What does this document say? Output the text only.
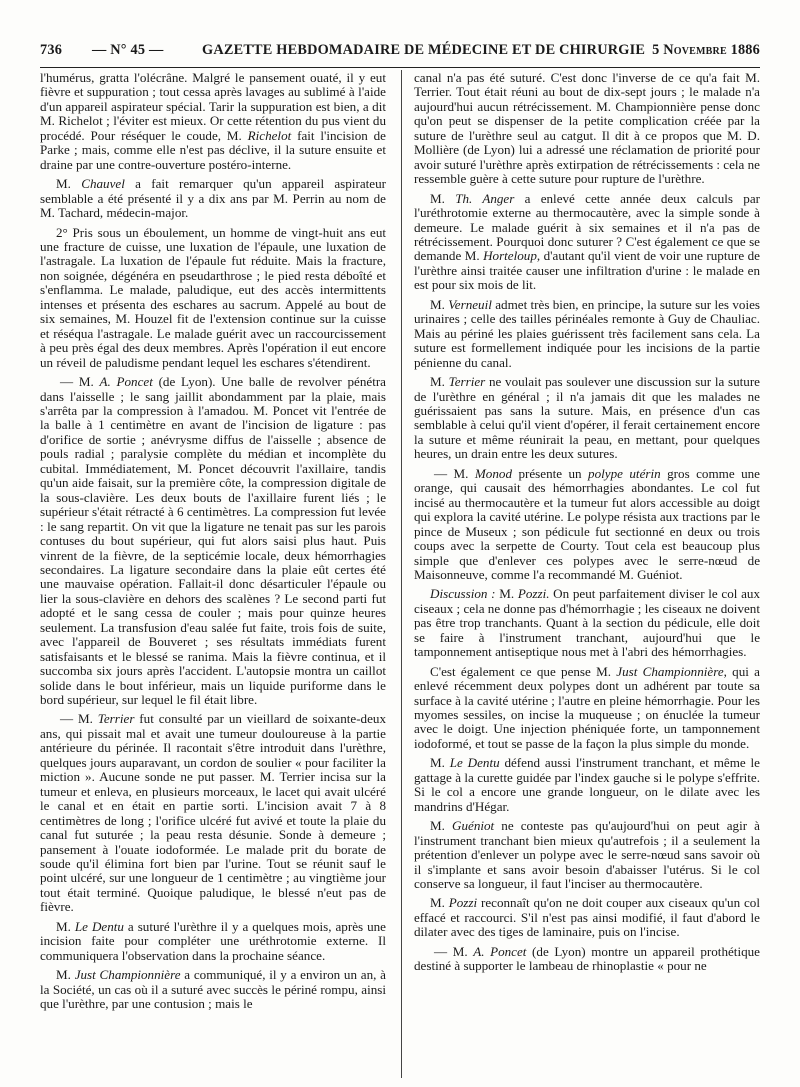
736 — N° 45 —	GAZETTE HEBDOMADAIRE DE MÉDECINE ET DE CHIRURGIE 5 Novembre 1886

l'humérus, gratta l'olécrâne. Malgré le pansement ouaté, il y eut fièvre et suppuration ; tout cessa après lavages au sublimé à l'aide d'un appareil aspirateur spécial. Tarir la suppuration est bien, a dit M. Richelot ; l'éviter est mieux. Or cette rétention du pus vient du procédé. Pour réséquer le coude, M. Richelot fait l'incision de Parke ; mais, comme elle n'est pas déclive, il la suture ensuite et draine par une contre-ouverture postéro-interne.

M. Chauvel a fait remarquer qu'un appareil aspirateur semblable a été présenté il y a dix ans par M. Perrin au nom de M. Tachard, médecin-major.

2° Pris sous un éboulement, un homme de vingt-huit ans eut une fracture de cuisse, une luxation de l'épaule, une luxation de l'astragale. La luxation de l'épaule fut réduite. Mais la fracture, non soignée, dégénéra en pseudarthrose ; le pied resta déboîté et s'enflamma. Le malade, paludique, eut des accès intermittents intenses et présenta des eschares au sacrum. Appelé au bout de six semaines, M. Houzel fit de l'extension continue sur la cuisse et réséqua l'astragale. Le malade guérit avec un raccourcissement à peu près égal des deux membres. Après l'opération il eut encore un réveil de paludisme pendant lequel les eschares s'étendirent.

— M. A. Poncet (de Lyon). Une balle de revolver pénétra dans l'aisselle ; le sang jaillit abondamment par la plaie, mais s'arrêta par la compression à l'amadou. M. Poncet vit l'entrée de la balle à 1 centimètre en avant de l'incision de ligature : pas d'orifice de sortie ; anévrysme diffus de l'aisselle ; absence de pouls radial ; paralysie complète du médian et incomplète du cubital. Immédiatement, M. Poncet découvrit l'axillaire, tandis qu'un aide faisait, sur la première côte, la compression digitale de la sous-clavière. Les deux bouts de l'axillaire furent liés ; le supérieur s'était rétracté à 6 centimètres. La compression fut levée : le sang repartit. On vit que la ligature ne tenait pas sur les parois contuses du bout supérieur, qui fut alors saisi plus haut. Puis vinrent de la fièvre, de la septicémie locale, deux hémorrhagies secondaires. La ligature secondaire dans la plaie eût certes été une mauvaise opération. Fallait-il donc désarticuler l'épaule ou lier la sous-clavière en dehors des scalènes ? Le second parti fut adopté et le sang cessa de couler ; mais pour quinze heures seulement. La transfusion d'eau salée fut faite, trois fois de suite, avec l'appareil de Bouveret ; ses résultats immédiats furent satisfaisants et le blessé se ranima. Mais la fièvre continua, et il succomba six jours après l'accident. L'autopsie montra un caillot solide dans le bout inférieur, mais un liquide puriforme dans le bord supérieur, sur lequel le fil était libre.

— M. Terrier fut consulté par un vieillard de soixante-deux ans, qui pissait mal et avait une tumeur douloureuse à la partie antérieure du périnée. Il racontait s'être introduit dans l'urèthre, quelques jours auparavant, un cordon de soulier « pour faciliter la miction ». Aucune sonde ne put passer. M. Terrier incisa sur la tumeur et enleva, en plusieurs morceaux, le lacet qui avait ulcéré le canal et en était en partie sorti. L'incision avait 7 à 8 centimètres de long ; l'orifice ulcéré fut avivé et toute la plaie du canal fut suturée ; la peau resta désunie. Sonde à demeure ; pansement à l'ouate iodoformée. Le malade prit du borate de soude qu'il élimina fort bien par l'urine. Tout se réunit sauf le point ulcéré, sur une longueur de 1 centimètre ; au vingtième jour tout était terminé. Quoique paludique, le blessé n'eut pas de fièvre.

M. Le Dentu a suturé l'urèthre il y a quelques mois, après une incision faite pour compléter une uréthrotomie externe. Il communiquera l'observation dans la prochaine séance.

M. Just Championnière a communiqué, il y a environ un an, à la Société, un cas où il a suturé avec succès le périné rompu, ainsi que l'urèthre, par une contusion ; mais le

canal n'a pas été suturé. C'est donc l'inverse de ce qu'a fait M. Terrier. Tout était réuni au bout de dix-sept jours ; le malade n'a aujourd'hui aucun rétrécissement. M. Championnière pense donc qu'on peut se dispenser de la petite complication créée par la suture de l'urèthre seul au catgut. Il dit à ce propos que M. D. Mollière (de Lyon) lui a adressé une réclamation de priorité pour avoir suturé l'urèthre après extirpation de rétrécissements : cela ne ressemble guère à cette suture pour rupture de l'urèthre.

M. Th. Anger a enlevé cette année deux calculs par l'uréthrotomie externe au thermocautère, avec la simple sonde à demeure. Le malade guérit à six semaines et il n'a pas de rétrécissement. Pourquoi donc suturer ? C'est également ce que se demande M. Horteloup, d'autant qu'il vient de voir une rupture de l'urèthre ainsi traitée causer une infiltration d'urine : le malade en est pour six mois de lit.

M. Verneuil admet très bien, en principe, la suture sur les voies urinaires ; celle des tailles périnéales remonte à Guy de Chauliac. Mais au périné les plaies guérissent très facilement sans cela. La suture est formellement indiquée pour les incisions de la partie pénienne du canal.

M. Terrier ne voulait pas soulever une discussion sur la suture de l'urèthre en général ; il n'a jamais dit que les malades ne guérissaient pas sans la suture. Mais, en présence d'un cas semblable à celui qu'il vient d'opérer, il ferait certainement encore la suture et même réunirait la peau, en mettant, pour quelques heures, un drain entre les deux sutures.

— M. Monod présente un polype utérin gros comme une orange, qui causait des hémorrhagies abondantes. Le col fut incisé au thermocautère et la tumeur fut alors accessible au doigt qui explora la cavité utérine. Le polype résista aux tractions par le pince de Museux ; son pédicule fut sectionné en deux ou trois coups avec la serpette de Courty. Tout cela est beaucoup plus simple que d'enlever ces polypes avec le serre-nœud de Maisonneuve, comme l'a recommandé M. Guéniot.

Discussion : M. Pozzi. On peut parfaitement diviser le col aux ciseaux ; cela ne donne pas d'hémorrhagie ; les ciseaux ne doivent pas être trop tranchants. Quant à la section du pédicule, elle doit se faire à l'instrument tranchant, aujourd'hui que le tamponnement antiseptique nous met à l'abri des hémorrhagies.

C'est également ce que pense M. Just Championnière, qui a enlevé récemment deux polypes dont un adhérent par toute sa surface à la cavité utérine ; l'autre en pleine hémorrhagie. Pour les myomes sessiles, on incise la muqueuse ; on énuclée la tumeur avec le doigt. Une injection phéniquée forte, un tamponnement iodoformé, et tout se passe de la façon la plus simple du monde.

M. Le Dentu défend aussi l'instrument tranchant, et même le gattage à la curette guidée par l'index gauche si le polype s'effrite. Si le col a encore une grande longueur, on le dilate avec les mandrins d'Hégar.

M. Guéniot ne conteste pas qu'aujourd'hui on peut agir à l'instrument tranchant bien mieux qu'autrefois ; il a seulement la prétention d'enlever un polype avec le serre-nœud sans savoir où il s'implante et sans avoir besoin d'abaisser l'utérus. Si le col conserve sa longueur, il faut l'inciser au thermocautère.

M. Pozzi reconnaît qu'on ne doit couper aux ciseaux qu'un col effacé et raccourci. S'il n'est pas ainsi modifié, il faut d'abord le dilater avec des tiges de laminaire, puis on l'incise.

— M. A. Poncet (de Lyon) montre un appareil prothétique destiné à supporter le lambeau de rhinoplastie « pour ne
